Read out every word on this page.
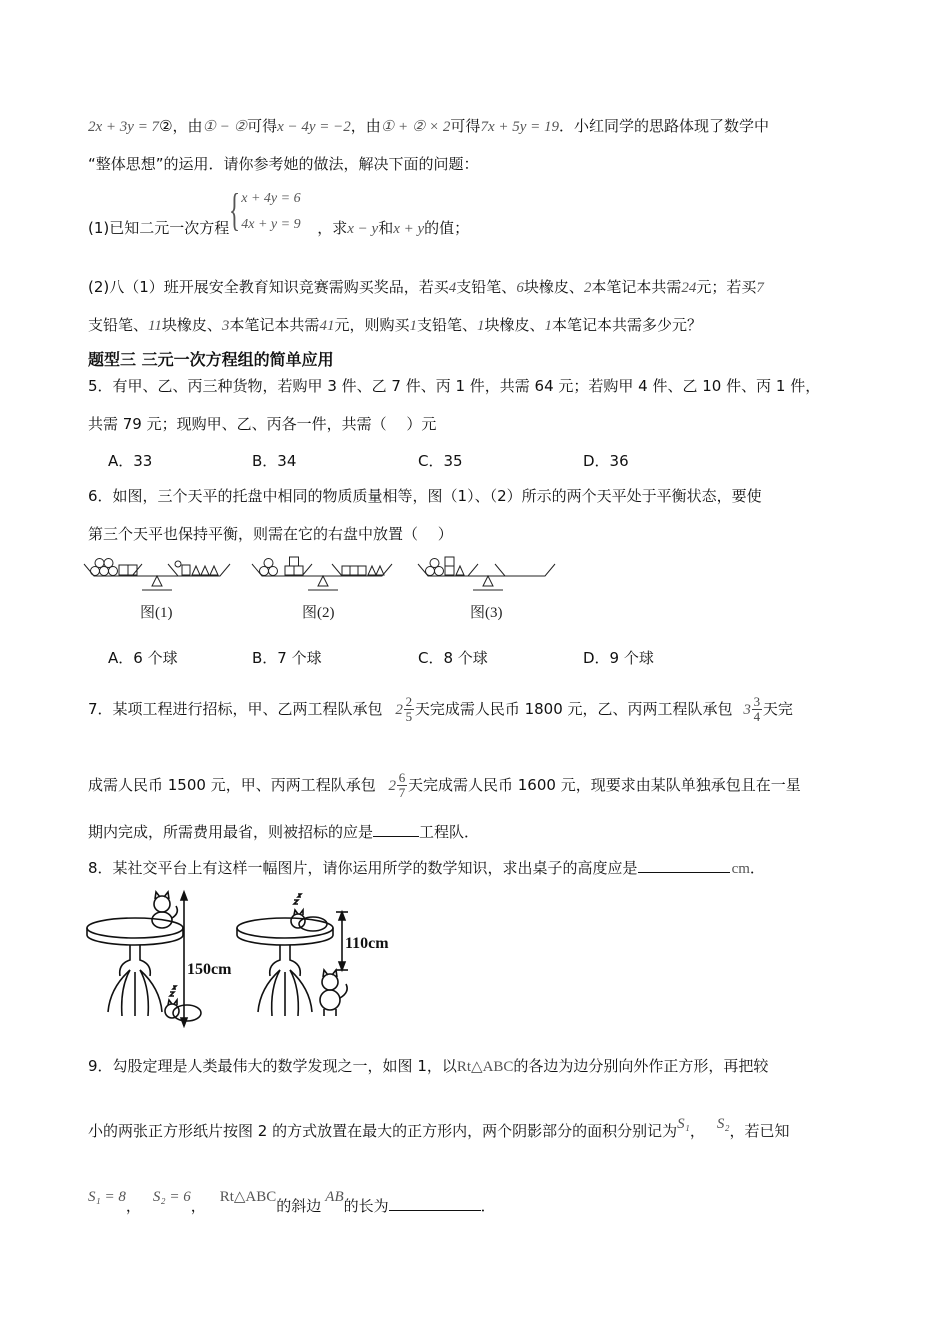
2x + 3y = 7②，由① − ②可得x − 4y = −2，由① + ② × 2可得7x + 5y = 19．小红同学的思路体现了数学中
“整体思想”的运用．请你参考她的做法，解决下面的问题：
(1)已知二元一次方程 { x + 4y = 6
4x + y = 9 ，求x − y和x + y的值；
(2)八（1）班开展安全教育知识竞赛需购买奖品，若买4支铅笔、6块橡皮、2本笔记本共需24元；若买7
支铅笔、11块橡皮、3本笔记本共需41元，则购买1支铅笔、1块橡皮、1本笔记本共需多少元？
题型三 三元一次方程组的简单应用
5．有甲、乙、丙三种货物，若购甲 3 件、乙 7 件、丙 1 件，共需 64 元；若购甲 4 件、乙 10 件、丙 1 件，
共需 79 元；现购甲、乙、丙各一件，共需（　 ）元
A．33	B．34	C．35	D．36
6．如图，三个天平的托盘中相同的物质质量相等，图（1）、（2）所示的两个天平处于平衡状态，要使
第三个天平也保持平衡，则需在它的右盘中放置（　 ）
图(1)	图(2)	图(3)
A．6 个球	B．7 个球	C．8 个球	D．9 个球
7．某项工程进行招标，甲、乙两工程队承包 $2 \frac{2}{5}$ 天完成需人民币 1800 元，乙、丙两工程队承包 $3 \frac{3}{4}$ 天完
成需人民币 1500 元，甲、丙两工程队承包 $2 \frac{6}{7}$ 天完成需人民币 1600 元，现要求由某队单独承包且在一星
期内完成，所需费用最省，则被招标的应是	工程队．
8．某社交平台上有这样一幅图片，请你运用所学的数学知识，求出桌子的高度应是	cm．
150cm
110cm
9．勾股定理是人类最伟大的数学发现之一，如图 1，以Rt△ABC的各边为边分别向外作正方形，再把较
小的两张正方形纸片按图 2 的方式放置在最大的正方形内，两个阴影部分的面积分别记为S₁， S₂，若已知
S₁ = 8， S₂ = 6， Rt△ABC的斜边 AB的长为	．
